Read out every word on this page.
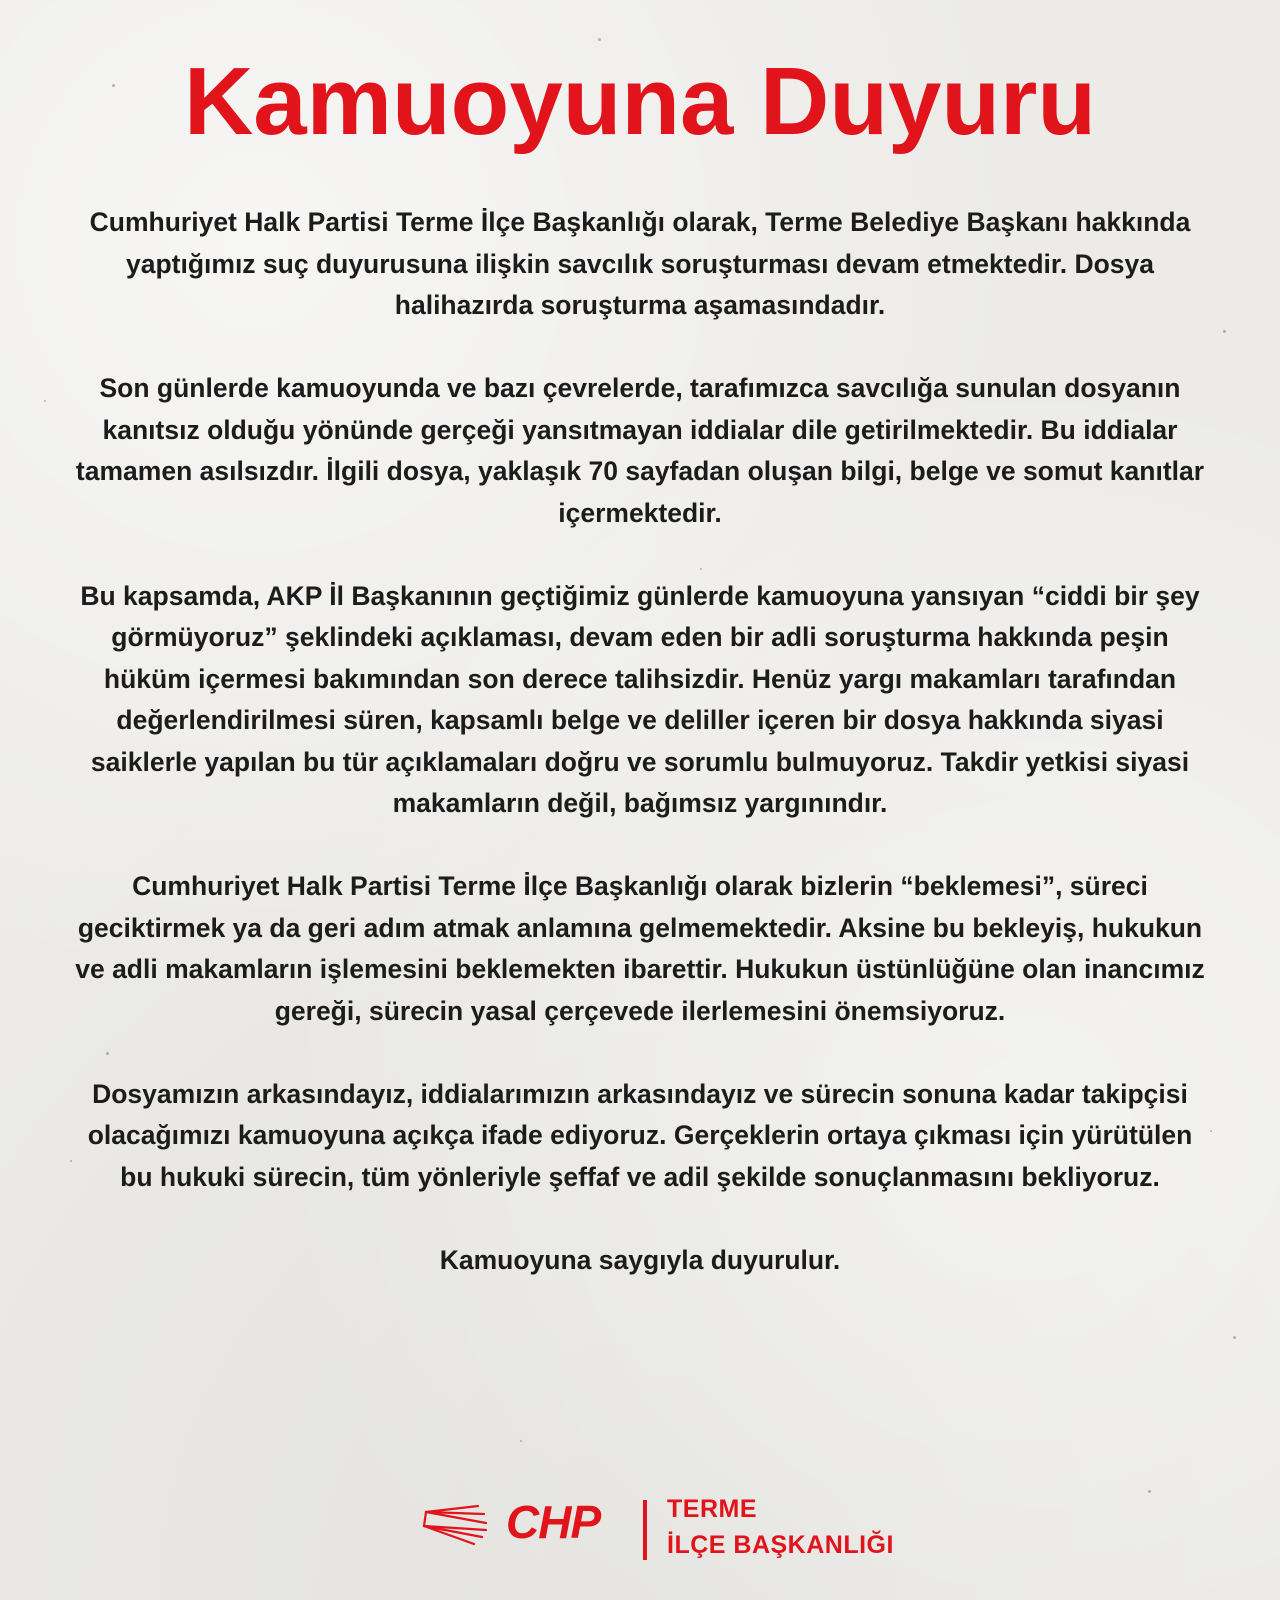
Kamuoyuna Duyuru

Cumhuriyet Halk Partisi Terme İlçe Başkanlığı olarak, Terme Belediye Başkanı hakkında yaptığımız suç duyurusuna ilişkin savcılık soruşturması devam etmektedir. Dosya halihazırda soruşturma aşamasındadır.

Son günlerde kamuoyunda ve bazı çevrelerde, tarafımızca savcılığa sunulan dosyanın kanıtsız olduğu yönünde gerçeği yansıtmayan iddialar dile getirilmektedir. Bu iddialar tamamen asılsızdır. İlgili dosya, yaklaşık 70 sayfadan oluşan bilgi, belge ve somut kanıtlar içermektedir.

Bu kapsamda, AKP İl Başkanının geçtiğimiz günlerde kamuoyuna yansıyan “ciddi bir şey görmüyoruz” şeklindeki açıklaması, devam eden bir adli soruşturma hakkında peşin hüküm içermesi bakımından son derece talihsizdir. Henüz yargı makamları tarafından değerlendirilmesi süren, kapsamlı belge ve deliller içeren bir dosya hakkında siyasi saiklerle yapılan bu tür açıklamaları doğru ve sorumlu bulmuyoruz. Takdir yetkisi siyasi makamların değil, bağımsız yargınındır.

Cumhuriyet Halk Partisi Terme İlçe Başkanlığı olarak bizlerin “beklemesi”, süreci geciktirmek ya da geri adım atmak anlamına gelmemektedir. Aksine bu bekleyiş, hukukun ve adli makamların işlemesini beklemekten ibarettir. Hukukun üstünlüğüne olan inancımız gereği, sürecin yasal çerçevede ilerlemesini önemsiyoruz.

Dosyamızın arkasındayız, iddialarımızın arkasındayız ve sürecin sonuna kadar takipçisi olacağımızı kamuoyuna açıkça ifade ediyoruz. Gerçeklerin ortaya çıkması için yürütülen bu hukuki sürecin, tüm yönleriyle şeffaf ve adil şekilde sonuçlanmasını bekliyoruz.

Kamuoyuna saygıyla duyurulur.

CHP	TERME
İLÇE BAŞKANLIĞI
